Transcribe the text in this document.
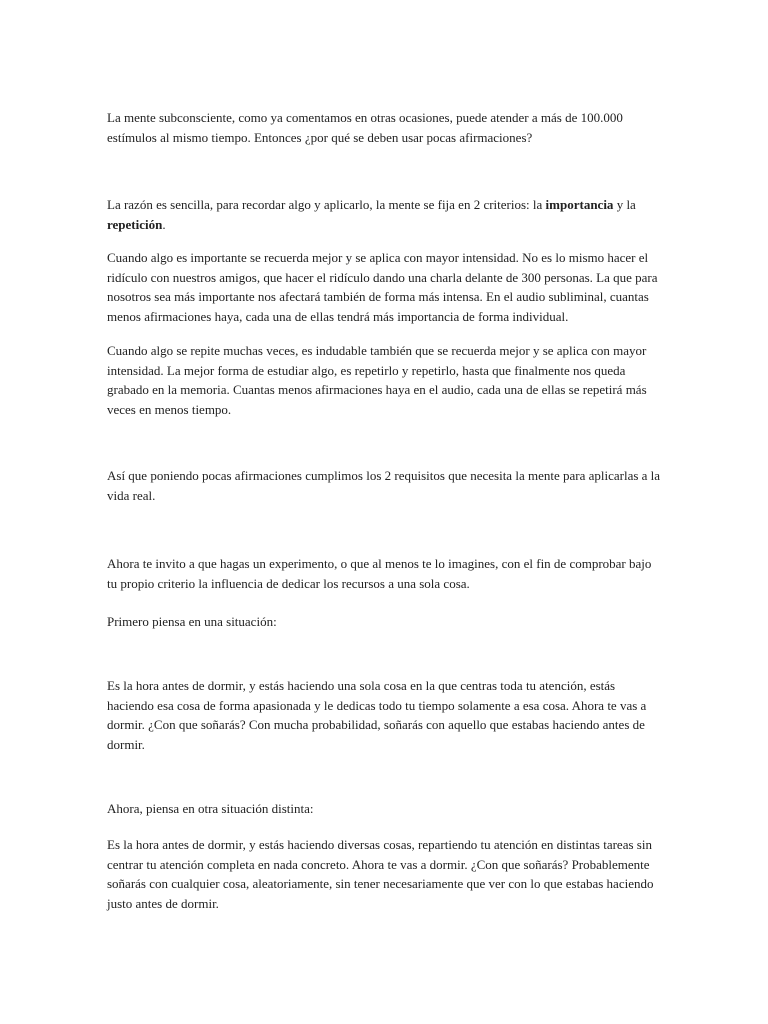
La mente subconsciente, como ya comentamos en otras ocasiones, puede atender a más de 100.000 estímulos al mismo tiempo. Entonces ¿por qué se deben usar pocas afirmaciones?

La razón es sencilla, para recordar algo y aplicarlo, la mente se fija en 2 criterios: la importancia y la repetición.

Cuando algo es importante se recuerda mejor y se aplica con mayor intensidad. No es lo mismo hacer el ridículo con nuestros amigos, que hacer el ridículo dando una charla delante de 300 personas. La que para nosotros sea más importante nos afectará también de forma más intensa. En el audio subliminal, cuantas menos afirmaciones haya, cada una de ellas tendrá más importancia de forma individual.

Cuando algo se repite muchas veces, es indudable también que se recuerda mejor y se aplica con mayor intensidad. La mejor forma de estudiar algo, es repetirlo y repetirlo, hasta que finalmente nos queda grabado en la memoria. Cuantas menos afirmaciones haya en el audio, cada una de ellas se repetirá más veces en menos tiempo.

Así que poniendo pocas afirmaciones cumplimos los 2 requisitos que necesita la mente para aplicarlas a la vida real.

Ahora te invito a que hagas un experimento, o que al menos te lo imagines, con el fin de comprobar bajo tu propio criterio la influencia de dedicar los recursos a una sola cosa.

Primero piensa en una situación:

Es la hora antes de dormir, y estás haciendo una sola cosa en la que centras toda tu atención, estás haciendo esa cosa de forma apasionada y le dedicas todo tu tiempo solamente a esa cosa. Ahora te vas a dormir. ¿Con que soñarás? Con mucha probabilidad, soñarás con aquello que estabas haciendo antes de dormir.

Ahora, piensa en otra situación distinta:

Es la hora antes de dormir, y estás haciendo diversas cosas, repartiendo tu atención en distintas tareas sin centrar tu atención completa en nada concreto. Ahora te vas a dormir. ¿Con que soñarás? Probablemente soñarás con cualquier cosa, aleatoriamente, sin tener necesariamente que ver con lo que estabas haciendo justo antes de dormir.
